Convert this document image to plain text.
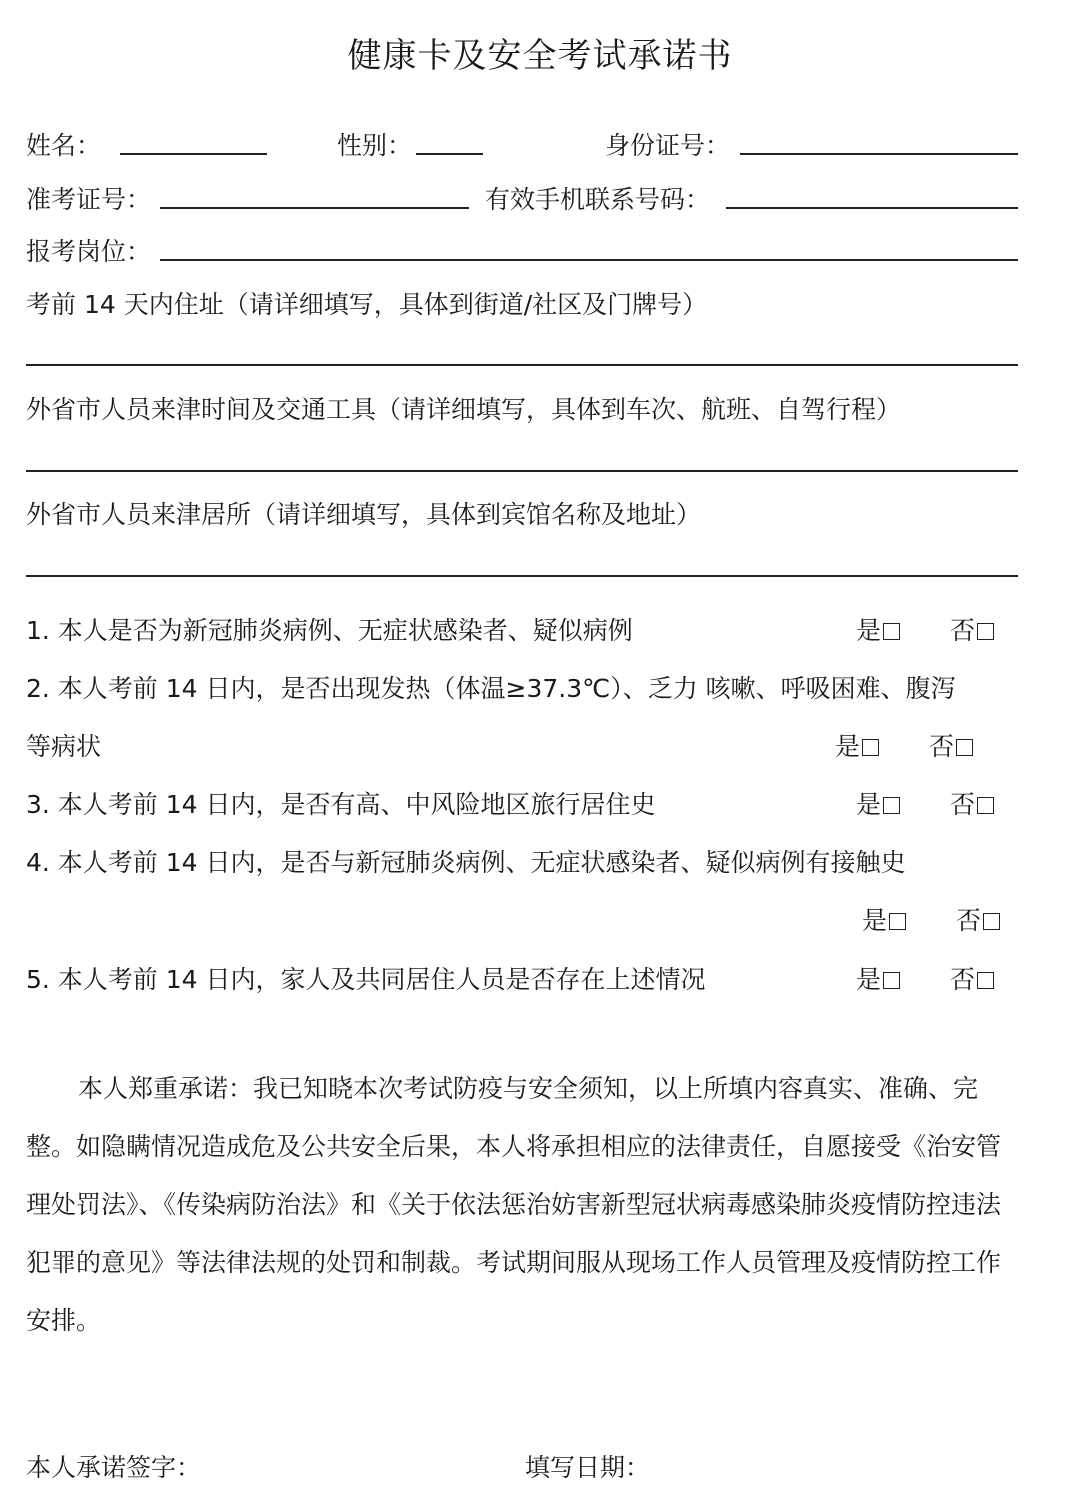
健康卡及安全考试承诺书
姓名：	性别：	身份证号：
准考证号：	有效手机联系号码：
报考岗位：
考前 14 天内住址（请详细填写，具体到街道/社区及门牌号）
外省市人员来津时间及交通工具（请详细填写，具体到车次、航班、自驾行程）
外省市人员来津居所（请详细填写，具体到宾馆名称及地址）
1. 本人是否为新冠肺炎病例、无症状感染者、疑似病例	是	否
2. 本人考前 14 日内，是否出现发热（体温≥37.3℃）、乏力 咳嗽、呼吸困难、腹泻
等病状	是	否
3. 本人考前 14 日内，是否有高、中风险地区旅行居住史	是	否
4. 本人考前 14 日内，是否与新冠肺炎病例、无症状感染者、疑似病例有接触史
是	否
5. 本人考前 14 日内，家人及共同居住人员是否存在上述情况	是	否

本人郑重承诺：我已知晓本次考试防疫与安全须知，以上所填内容真实、准确、完整。如隐瞒情况造成危及公共安全后果，本人将承担相应的法律责任，自愿接受《治安管理处罚法》、《传染病防治法》和《关于依法惩治妨害新型冠状病毒感染肺炎疫情防控违法犯罪的意见》等法律法规的处罚和制裁。考试期间服从现场工作人员管理及疫情防控工作安排。

本人承诺签字：	填写日期：
